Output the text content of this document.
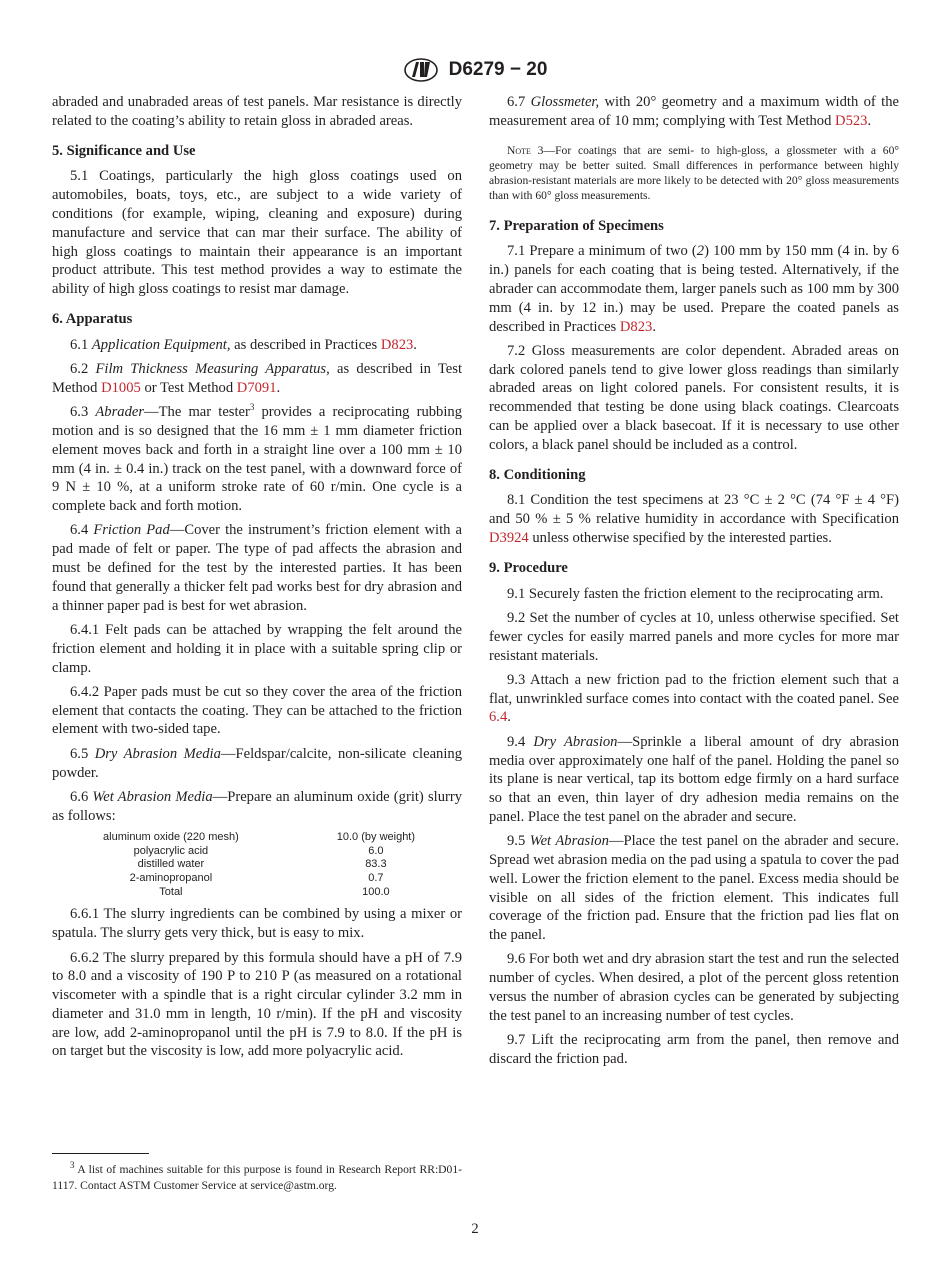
D6279 − 20
abraded and unabraded areas of test panels. Mar resistance is directly related to the coating’s ability to retain gloss in abraded areas.
5. Significance and Use
5.1 Coatings, particularly the high gloss coatings used on automobiles, boats, toys, etc., are subject to a wide variety of conditions (for example, wiping, cleaning and exposure) during manufacture and service that can mar their surface. The ability of high gloss coatings to maintain their appearance is an important product attribute. This test method provides a way to estimate the ability of high gloss coatings to resist mar damage.
6. Apparatus
6.1 Application Equipment, as described in Practices D823.
6.2 Film Thickness Measuring Apparatus, as described in Test Method D1005 or Test Method D7091.
6.3 Abrader—The mar tester$^3$ provides a reciprocating rubbing motion and is so designed that the 16 mm ± 1 mm diameter friction element moves back and forth in a straight line over a 100 mm ± 10 mm (4 in. ± 0.4 in.) track on the test panel, with a downward force of 9 N ± 10 %, at a uniform stroke rate of 60 r/min. One cycle is a complete back and forth motion.
6.4 Friction Pad—Cover the instrument’s friction element with a pad made of felt or paper. The type of pad affects the abrasion and must be defined for the test by the interested parties. It has been found that generally a thicker felt pad works best for dry abrasion and a thinner paper pad is best for wet abrasion.
6.4.1 Felt pads can be attached by wrapping the felt around the friction element and holding it in place with a suitable spring clip or clamp.
6.4.2 Paper pads must be cut so they cover the area of the friction element that contacts the coating. They can be attached to the friction element with two-sided tape.
6.5 Dry Abrasion Media—Feldspar/calcite, non-silicate cleaning powder.
6.6 Wet Abrasion Media—Prepare an aluminum oxide (grit) slurry as follows:
aluminum oxide (220 mesh)	10.0 (by weight)
polyacrylic acid	6.0
distilled water	83.3
2-aminopropanol	0.7
Total	100.0
6.6.1 The slurry ingredients can be combined by using a mixer or spatula. The slurry gets very thick, but is easy to mix.
6.6.2 The slurry prepared by this formula should have a pH of 7.9 to 8.0 and a viscosity of 190 P to 210 P (as measured on a rotational viscometer with a spindle that is a right circular cylinder 3.2 mm in diameter and 31.0 mm in length, 10 r/min). If the pH and viscosity are low, add 2-aminopropanol until the pH is 7.9 to 8.0. If the pH is on target but the viscosity is low, add more polyacrylic acid.
6.7 Glossmeter, with 20° geometry and a maximum width of the measurement area of 10 mm; complying with Test Method D523.
Note 3—For coatings that are semi- to high-gloss, a glossmeter with a 60° geometry may be better suited. Small differences in performance between highly abrasion-resistant materials are more likely to be detected with 20° gloss measurements than with 60° gloss measurements.
7. Preparation of Specimens
7.1 Prepare a minimum of two (2) 100 mm by 150 mm (4 in. by 6 in.) panels for each coating that is being tested. Alternatively, if the abrader can accommodate them, larger panels such as 100 mm by 300 mm (4 in. by 12 in.) may be used. Prepare the coated panels as described in Practices D823.
7.2 Gloss measurements are color dependent. Abraded areas on dark colored panels tend to give lower gloss readings than similarly abraded areas on light colored panels. For consistent results, it is recommended that testing be done using black coatings. Clearcoats can be applied over a black basecoat. If it is necessary to use other colors, a black panel should be included as a control.
8. Conditioning
8.1 Condition the test specimens at 23 °C ± 2 °C (74 °F ± 4 °F) and 50 % ± 5 % relative humidity in accordance with Specification D3924 unless otherwise specified by the interested parties.
9. Procedure
9.1 Securely fasten the friction element to the reciprocating arm.
9.2 Set the number of cycles at 10, unless otherwise specified. Set fewer cycles for easily marred panels and more cycles for more mar resistant materials.
9.3 Attach a new friction pad to the friction element such that a flat, unwrinkled surface comes into contact with the coated panel. See 6.4.
9.4 Dry Abrasion—Sprinkle a liberal amount of dry abrasion media over approximately one half of the panel. Holding the panel so its plane is near vertical, tap its bottom edge firmly on a hard surface so that an even, thin layer of dry adhesion media remains on the panel. Place the test panel on the abrader and secure.
9.5 Wet Abrasion—Place the test panel on the abrader and secure. Spread wet abrasion media on the pad using a spatula to cover the pad well. Lower the friction element to the panel. Excess media should be visible on all sides of the friction element. This indicates full coverage of the friction pad. Ensure that the friction pad lies flat on the panel.
9.6 For both wet and dry abrasion start the test and run the selected number of cycles. When desired, a plot of the percent gloss retention versus the number of abrasion cycles can be generated by subjecting the test panel to an increasing number of test cycles.
9.7 Lift the reciprocating arm from the panel, then remove and discard the friction pad.
$^3$ A list of machines suitable for this purpose is found in Research Report RR:D01-1117. Contact ASTM Customer Service at service@astm.org.
2
